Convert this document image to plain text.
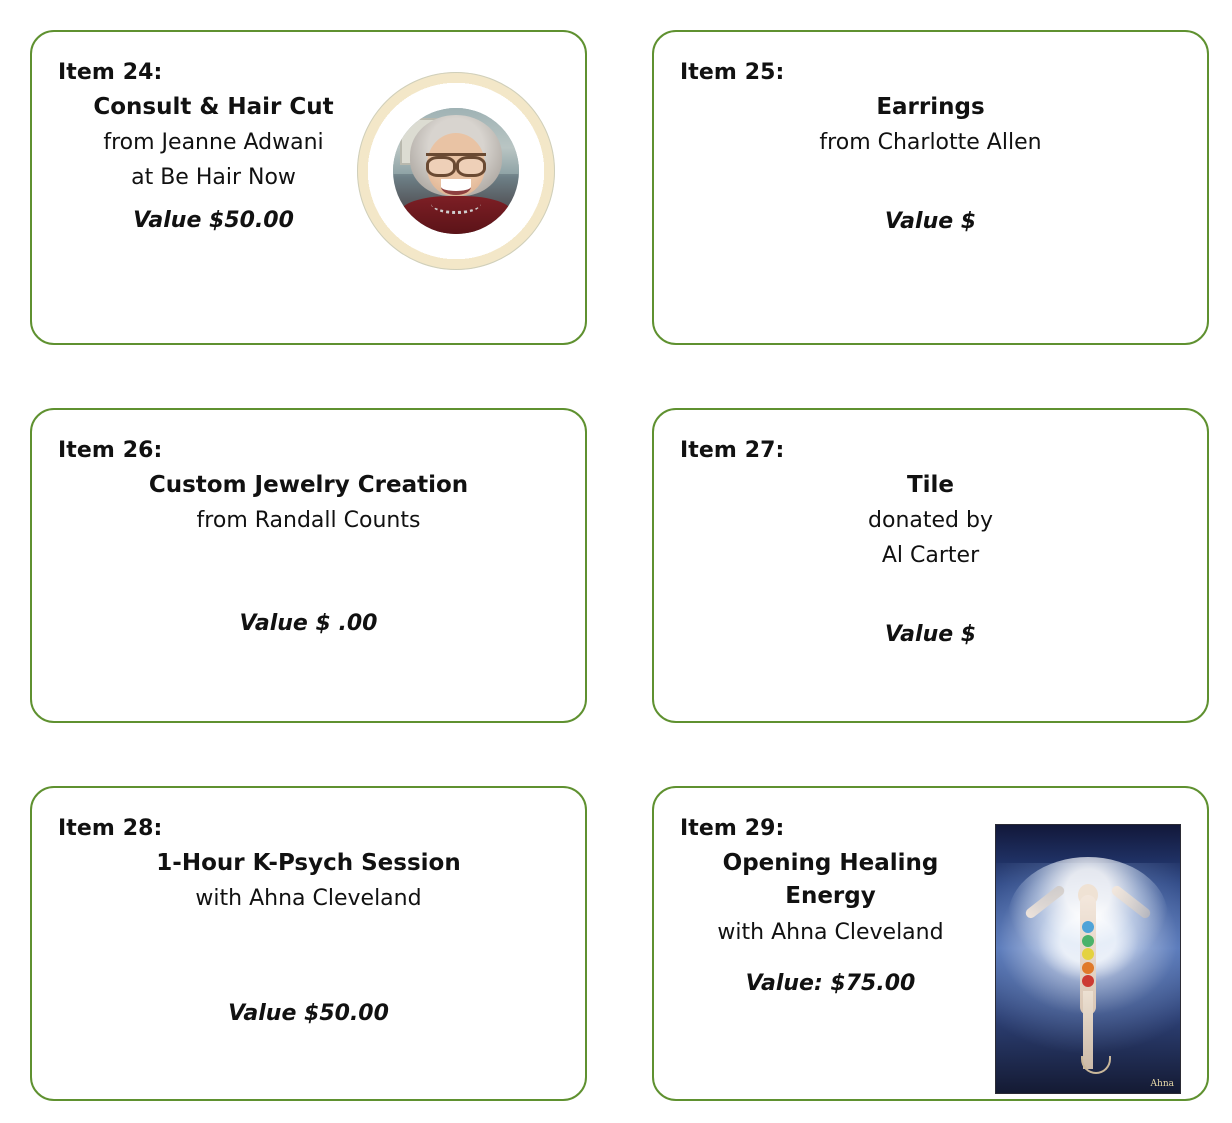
Item 24:
Consult & Hair Cut
from Jeanne Adwani
at Be Hair Now
Value $50.00
Item 25:
Earrings
from Charlotte Allen
Value $
Item 26:
Custom Jewelry Creation
from Randall Counts
Value $ .00
Item 27:
Tile
donated by
Al Carter
Value $
Item 28:
1-Hour K-Psych Session
with Ahna Cleveland
Value $50.00
Item 29:
Opening Healing Energy
with Ahna Cleveland
Value: $75.00
Ahna
